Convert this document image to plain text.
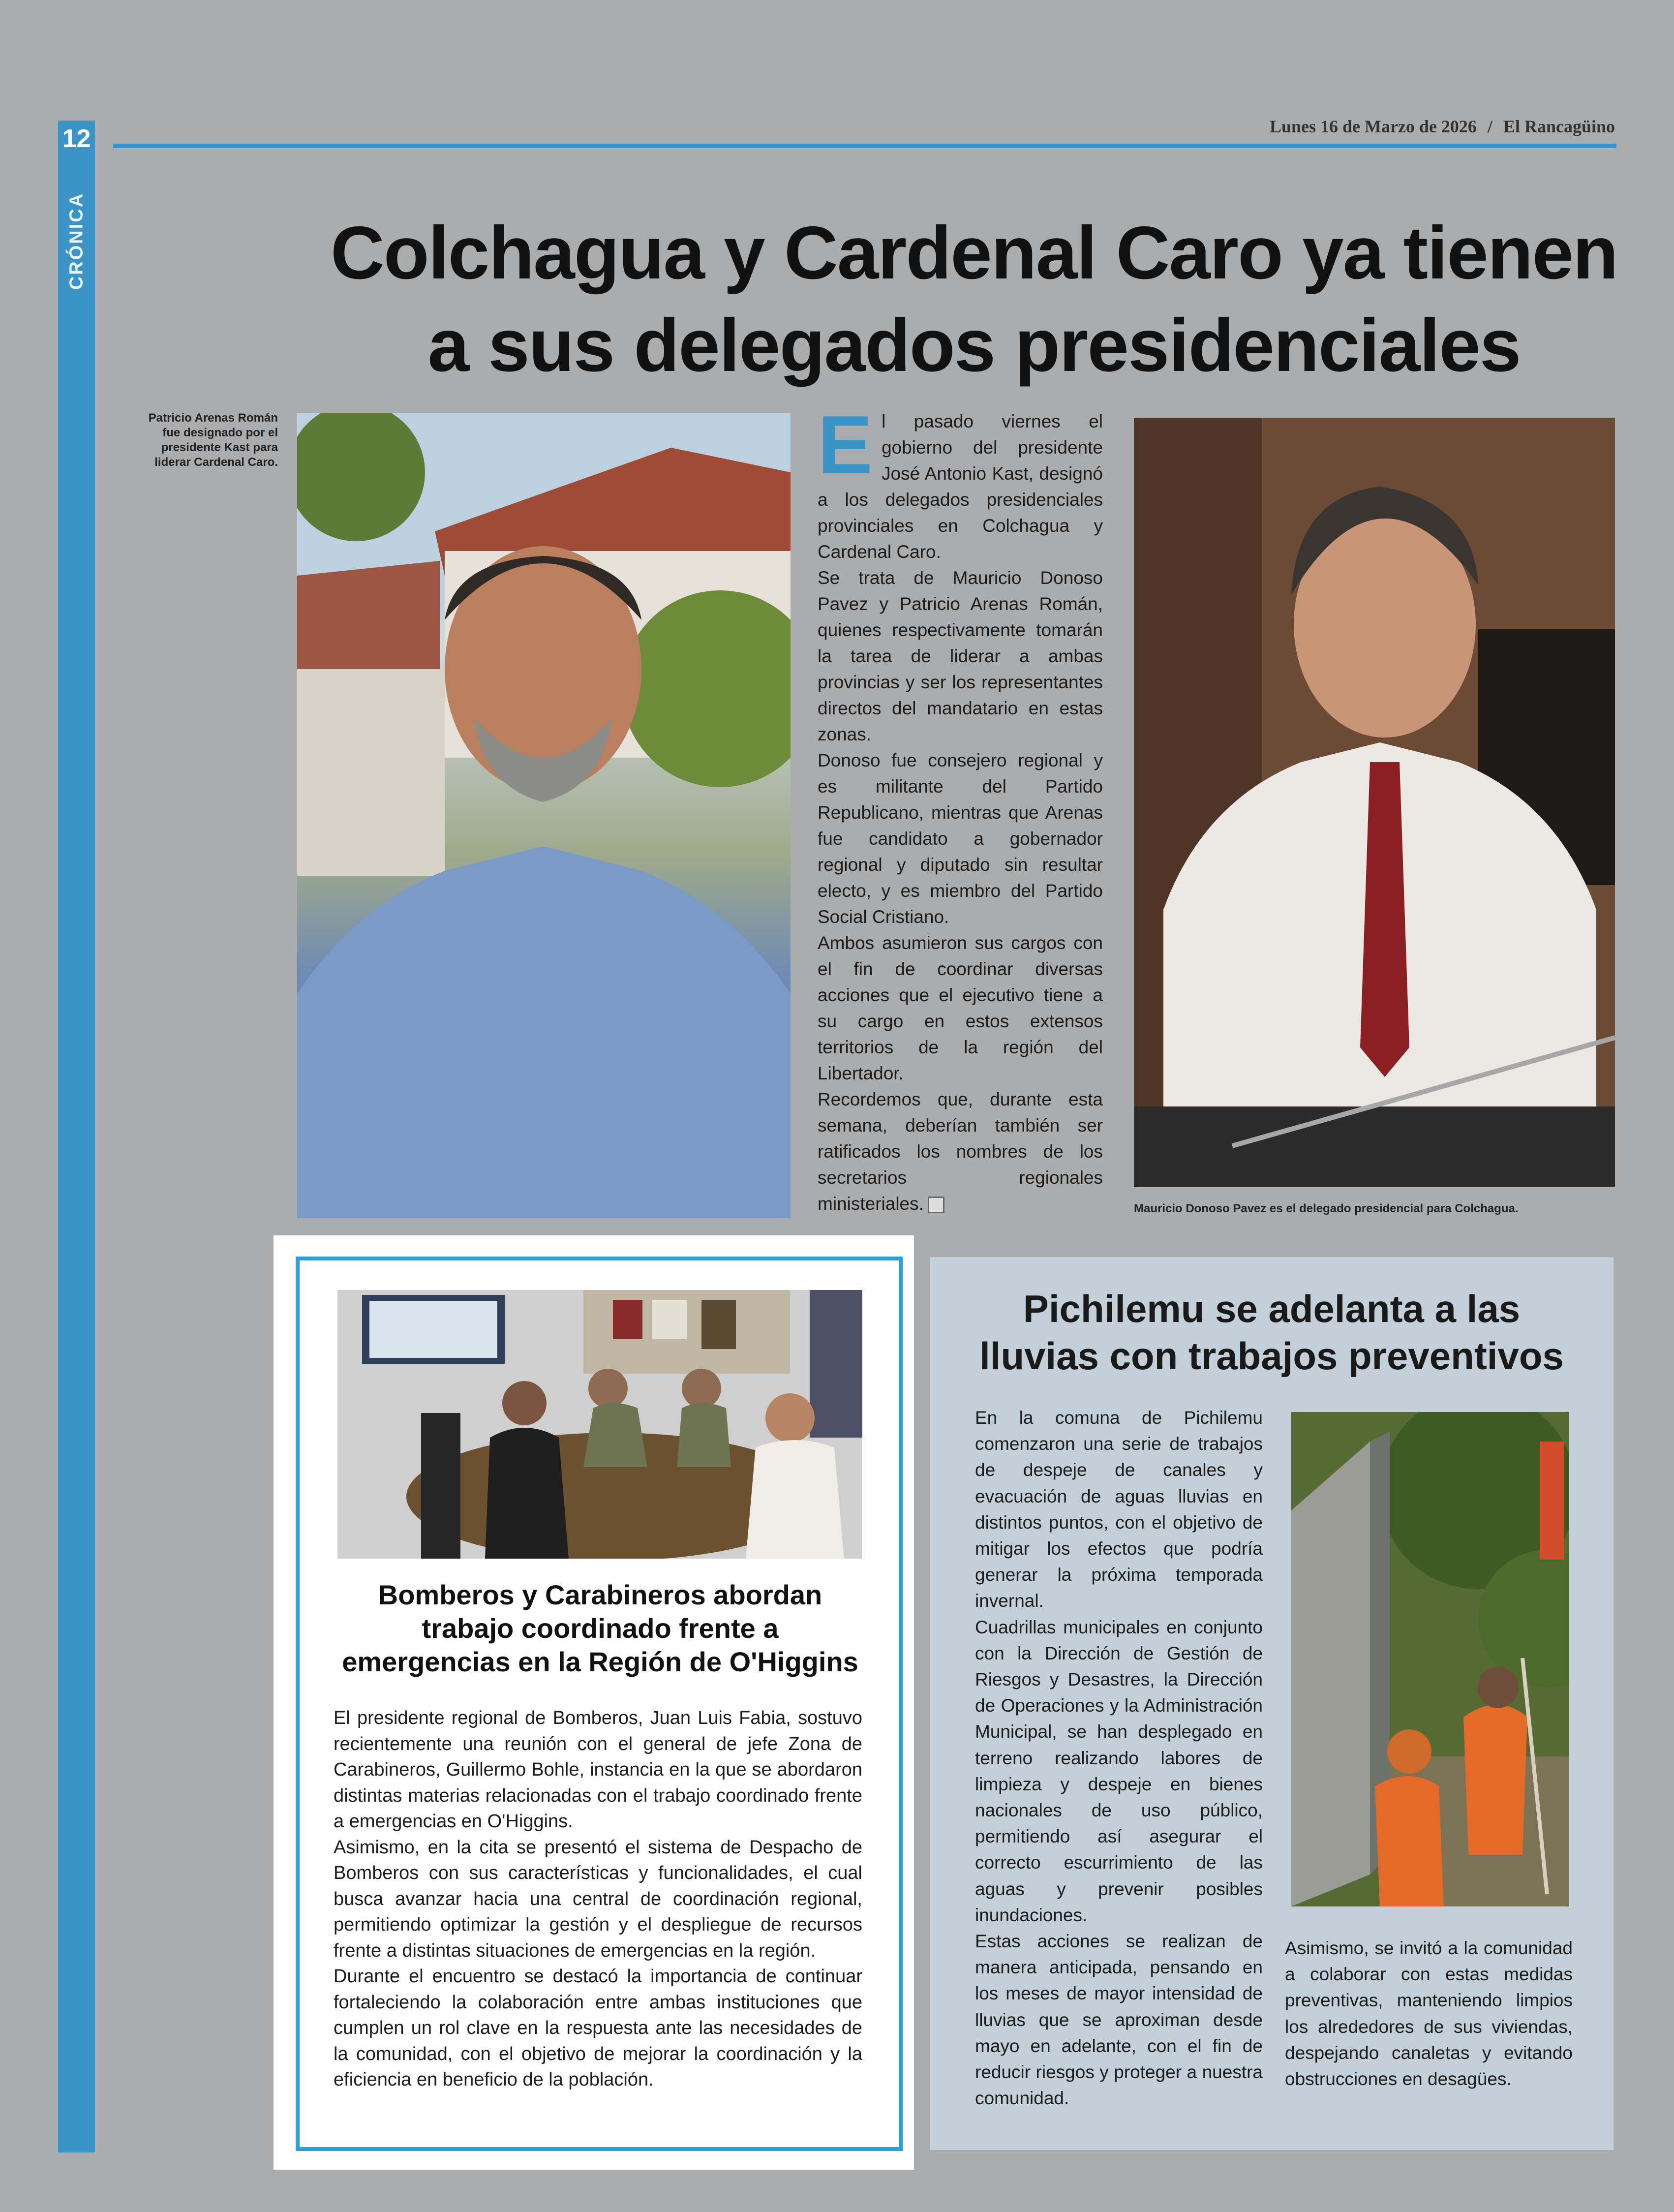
12
CRÓNICA
Lunes 16 de Marzo de 2026 / El Rancagüino
Colchagua y Cardenal Caro ya tienen
a sus delegados presidenciales
Patricio Arenas Román fue designado por el presidente Kast para liderar Cardenal Caro.	El pasado viernes el gobierno del presidente José Antonio Kast, designó a los delegados presidenciales provinciales en Colchagua y Cardenal Caro.

Se trata de Mauricio Donoso Pavez y Patricio Arenas Román, quienes respectivamente tomarán la tarea de liderar a ambas provincias y ser los representantes directos del mandatario en estas zonas.

Donoso fue consejero regional y es militante del Partido Republicano, mientras que Arenas fue candidato a gobernador regional y diputado sin resultar electo, y es miembro del Partido Social Cristiano.

Ambos asumieron sus cargos con el fin de coordinar diversas acciones que el ejecutivo tiene a su cargo en estos extensos territorios de la región del Libertador.

Recordemos que, durante esta semana, deberían también ser ratificados los nombres de los secretarios regionales ministeriales.	Mauricio Donoso Pavez es el delegado presidencial para Colchagua.
Bomberos y Carabineros abordan
trabajo coordinado frente a
emergencias en la Región de O'Higgins

El presidente regional de Bomberos, Juan Luis Fabia, sostuvo recientemente una reunión con el general de jefe Zona de Carabineros, Guillermo Bohle, instancia en la que se abordaron distintas materias relacionadas con el trabajo coordinado frente a emergencias en O'Higgins.

Asimismo, en la cita se presentó el sistema de Despacho de Bomberos con sus características y funcionalidades, el cual busca avanzar hacia una central de coordinación regional, permitiendo optimizar la gestión y el despliegue de recursos frente a distintas situaciones de emergencias en la región.

Durante el encuentro se destacó la importancia de continuar fortaleciendo la colaboración entre ambas instituciones que cumplen un rol clave en la respuesta ante las necesidades de la comunidad, con el objetivo de mejorar la coordinación y la eficiencia en beneficio de la población.

Pichilemu se adelanta a las
lluvias con trabajos preventivos

En la comuna de Pichilemu comenzaron una serie de trabajos de despeje de canales y evacuación de aguas lluvias en distintos puntos, con el objetivo de mitigar los efectos que podría generar la próxima temporada invernal.

Cuadrillas municipales en conjunto con la Dirección de Gestión de Riesgos y Desastres, la Dirección de Operaciones y la Administración Municipal, se han desplegado en terreno realizando labores de limpieza y despeje en bienes nacionales de uso público, permitiendo así asegurar el correcto escurrimiento de las aguas y prevenir posibles inundaciones.

Estas acciones se realizan de manera anticipada, pensando en los meses de mayor intensidad de lluvias que se aproximan desde mayo en adelante, con el fin de reducir riesgos y proteger a nuestra comunidad.

Asimismo, se invitó a la comunidad a colaborar con estas medidas preventivas, manteniendo limpios los alrededores de sus viviendas, despejando canaletas y evitando obstrucciones en desagües.
